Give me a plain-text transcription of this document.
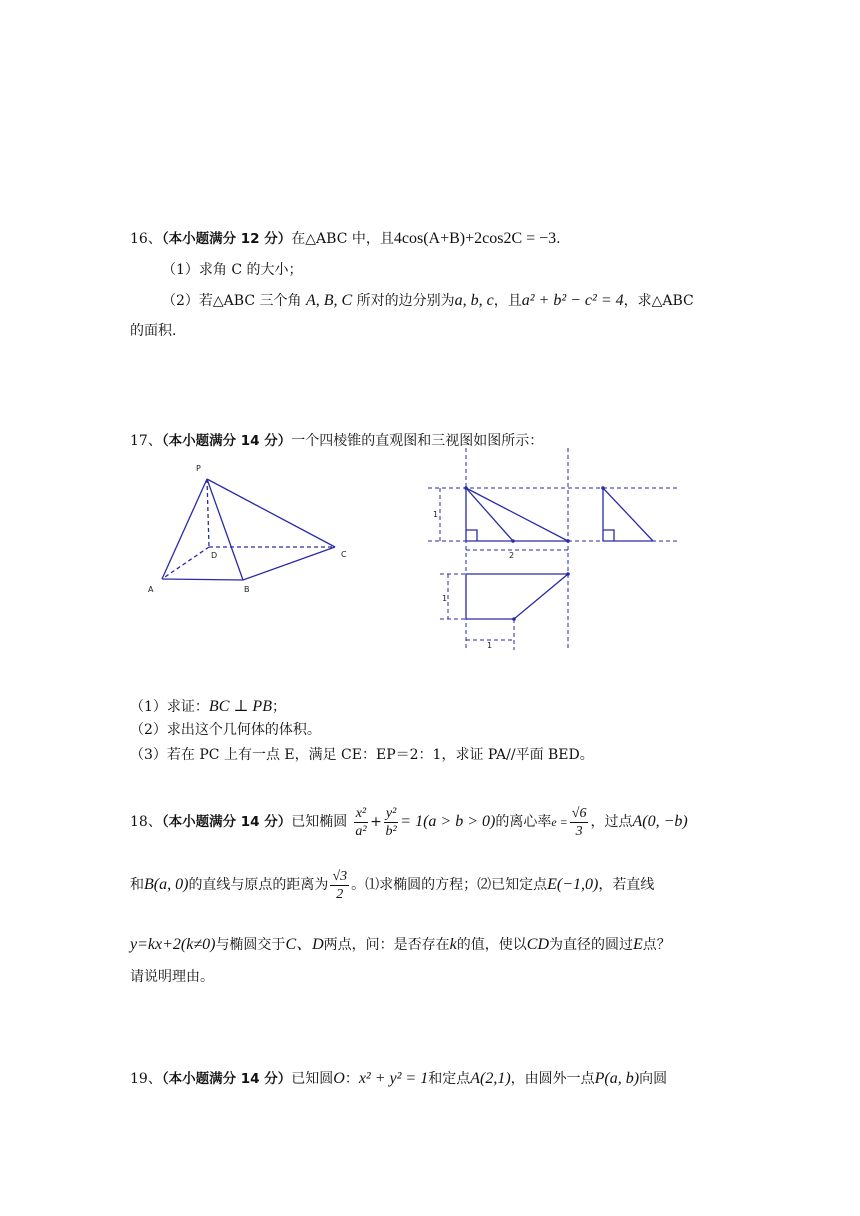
16、（本小题满分 12 分）在△ABC 中，且4cos(A+B)+2cos2C = −3.
（1）求角 C 的大小；
（2）若△ABC 三个角 A, B, C 所对的边分别为a, b, c，且a² + b² − c² = 4，求△ABC
的面积.
17、（本小题满分 14 分）一个四棱锥的直观图和三视图如图所示：
P
A	B
C
D
1
2
1
1
（1）求证：BC ⊥ PB；
（2）求出这个几何体的体积。
（3）若在 PC 上有一点 E，满足 CE：EP＝2：1，求证 PA//平面 BED。
18、（本小题满分 14 分）已知椭圆 $\frac{\text{x²}}{\text{a²}} + \frac{\text{y²}}{\text{b²}} = 1(a > b > 0)$的离心率$e = \frac{√6}{3}$ ，过点A(0, −b)
和B(a, 0)的直线与原点的距离为 $\frac{√3}{2}$ 。⑴求椭圆的方程；⑵已知定点E(−1,0)，若直线
y=kx+2(k≠0)与椭圆交于C、D两点，问：是否存在k的值，使以CD为直径的圆过E点？
请说明理由。
19、（本小题满分 14 分）已知圆O：x² + y² = 1和定点A(2,1)，由圆外一点P(a, b)向圆
